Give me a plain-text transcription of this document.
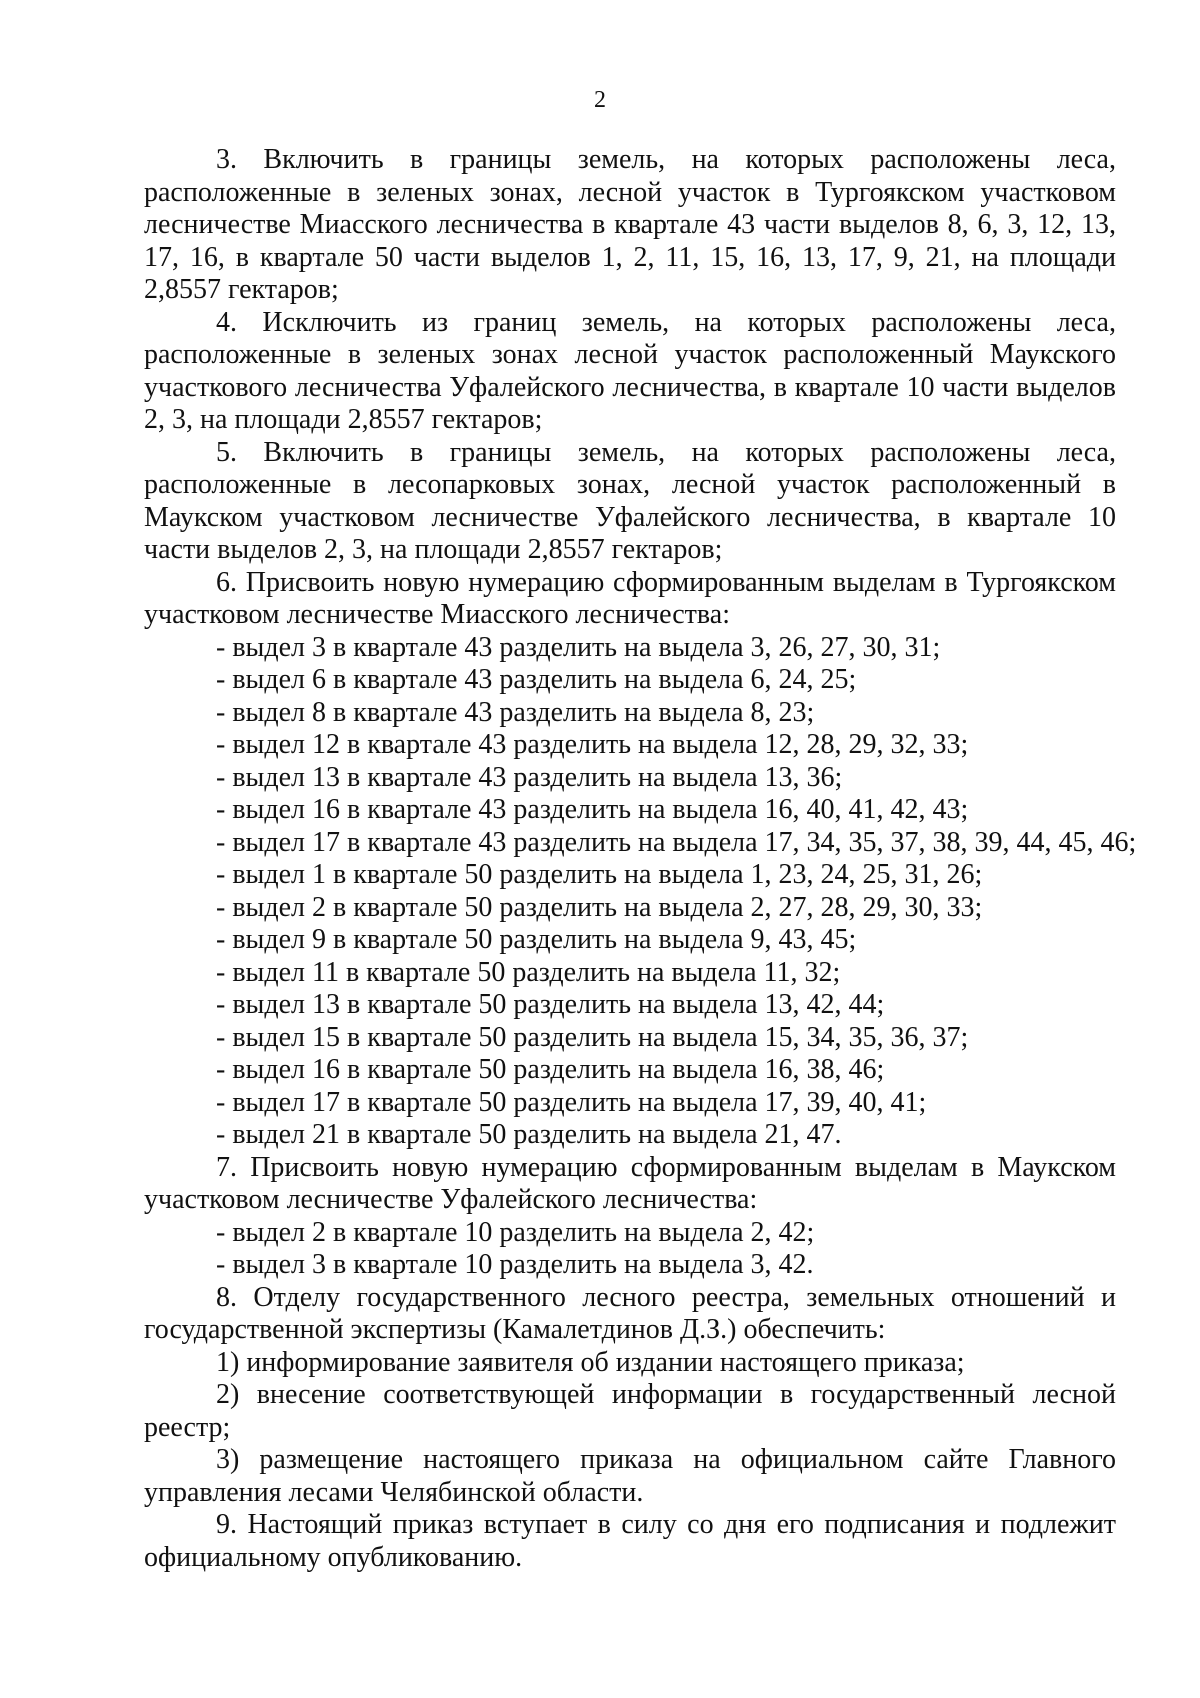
2

3. Включить в границы земель, на которых расположены леса, расположенные в зеленых зонах, лесной участок в Тургоякском участковом лесничестве Миасского лесничества в квартале 43 части выделов 8, 6, 3, 12, 13, 17, 16, в квартале 50 части выделов 1, 2, 11, 15, 16, 13, 17, 9, 21, на площади 2,8557 гектаров;

4. Исключить из границ земель, на которых расположены леса, расположенные в зеленых зонах лесной участок расположенный Маукского участкового лесничества Уфалейского лесничества, в квартале 10 части выделов 2, 3, на площади 2,8557 гектаров;

5. Включить в границы земель, на которых расположены леса, расположенные в лесопарковых зонах, лесной участок расположенный в Маукском участковом лесничестве Уфалейского лесничества, в квартале 10 части выделов 2, 3, на площади 2,8557 гектаров;

6. Присвоить новую нумерацию сформированным выделам в Тургоякском участковом лесничестве Миасского лесничества:

- выдел 3 в квартале 43 разделить на выдела 3, 26, 27, 30, 31;

- выдел 6 в квартале 43 разделить на выдела 6, 24, 25;

- выдел 8 в квартале 43 разделить на выдела 8, 23;

- выдел 12 в квартале 43 разделить на выдела 12, 28, 29, 32, 33;

- выдел 13 в квартале 43 разделить на выдела 13, 36;

- выдел 16 в квартале 43 разделить на выдела 16, 40, 41, 42, 43;

- выдел 17 в квартале 43 разделить на выдела 17, 34, 35, 37, 38, 39, 44, 45, 46;

- выдел 1 в квартале 50 разделить на выдела 1, 23, 24, 25, 31, 26;

- выдел 2 в квартале 50 разделить на выдела 2, 27, 28, 29, 30, 33;

- выдел 9 в квартале 50 разделить на выдела 9, 43, 45;

- выдел 11 в квартале 50 разделить на выдела 11, 32;

- выдел 13 в квартале 50 разделить на выдела 13, 42, 44;

- выдел 15 в квартале 50 разделить на выдела 15, 34, 35, 36, 37;

- выдел 16 в квартале 50 разделить на выдела 16, 38, 46;

- выдел 17 в квартале 50 разделить на выдела 17, 39, 40, 41;

- выдел 21 в квартале 50 разделить на выдела 21, 47.

7. Присвоить новую нумерацию сформированным выделам в Маукском участковом лесничестве Уфалейского лесничества:

- выдел 2 в квартале 10 разделить на выдела 2, 42;

- выдел 3 в квартале 10 разделить на выдела 3, 42.

8. Отделу государственного лесного реестра, земельных отношений и государственной экспертизы (Камалетдинов Д.З.) обеспечить:

1) информирование заявителя об издании настоящего приказа;

2) внесение соответствующей информации в государственный лесной реестр;

3) размещение настоящего приказа на официальном сайте Главного управления лесами Челябинской области.

9. Настоящий приказ вступает в силу со дня его подписания и подлежит официальному опубликованию.
